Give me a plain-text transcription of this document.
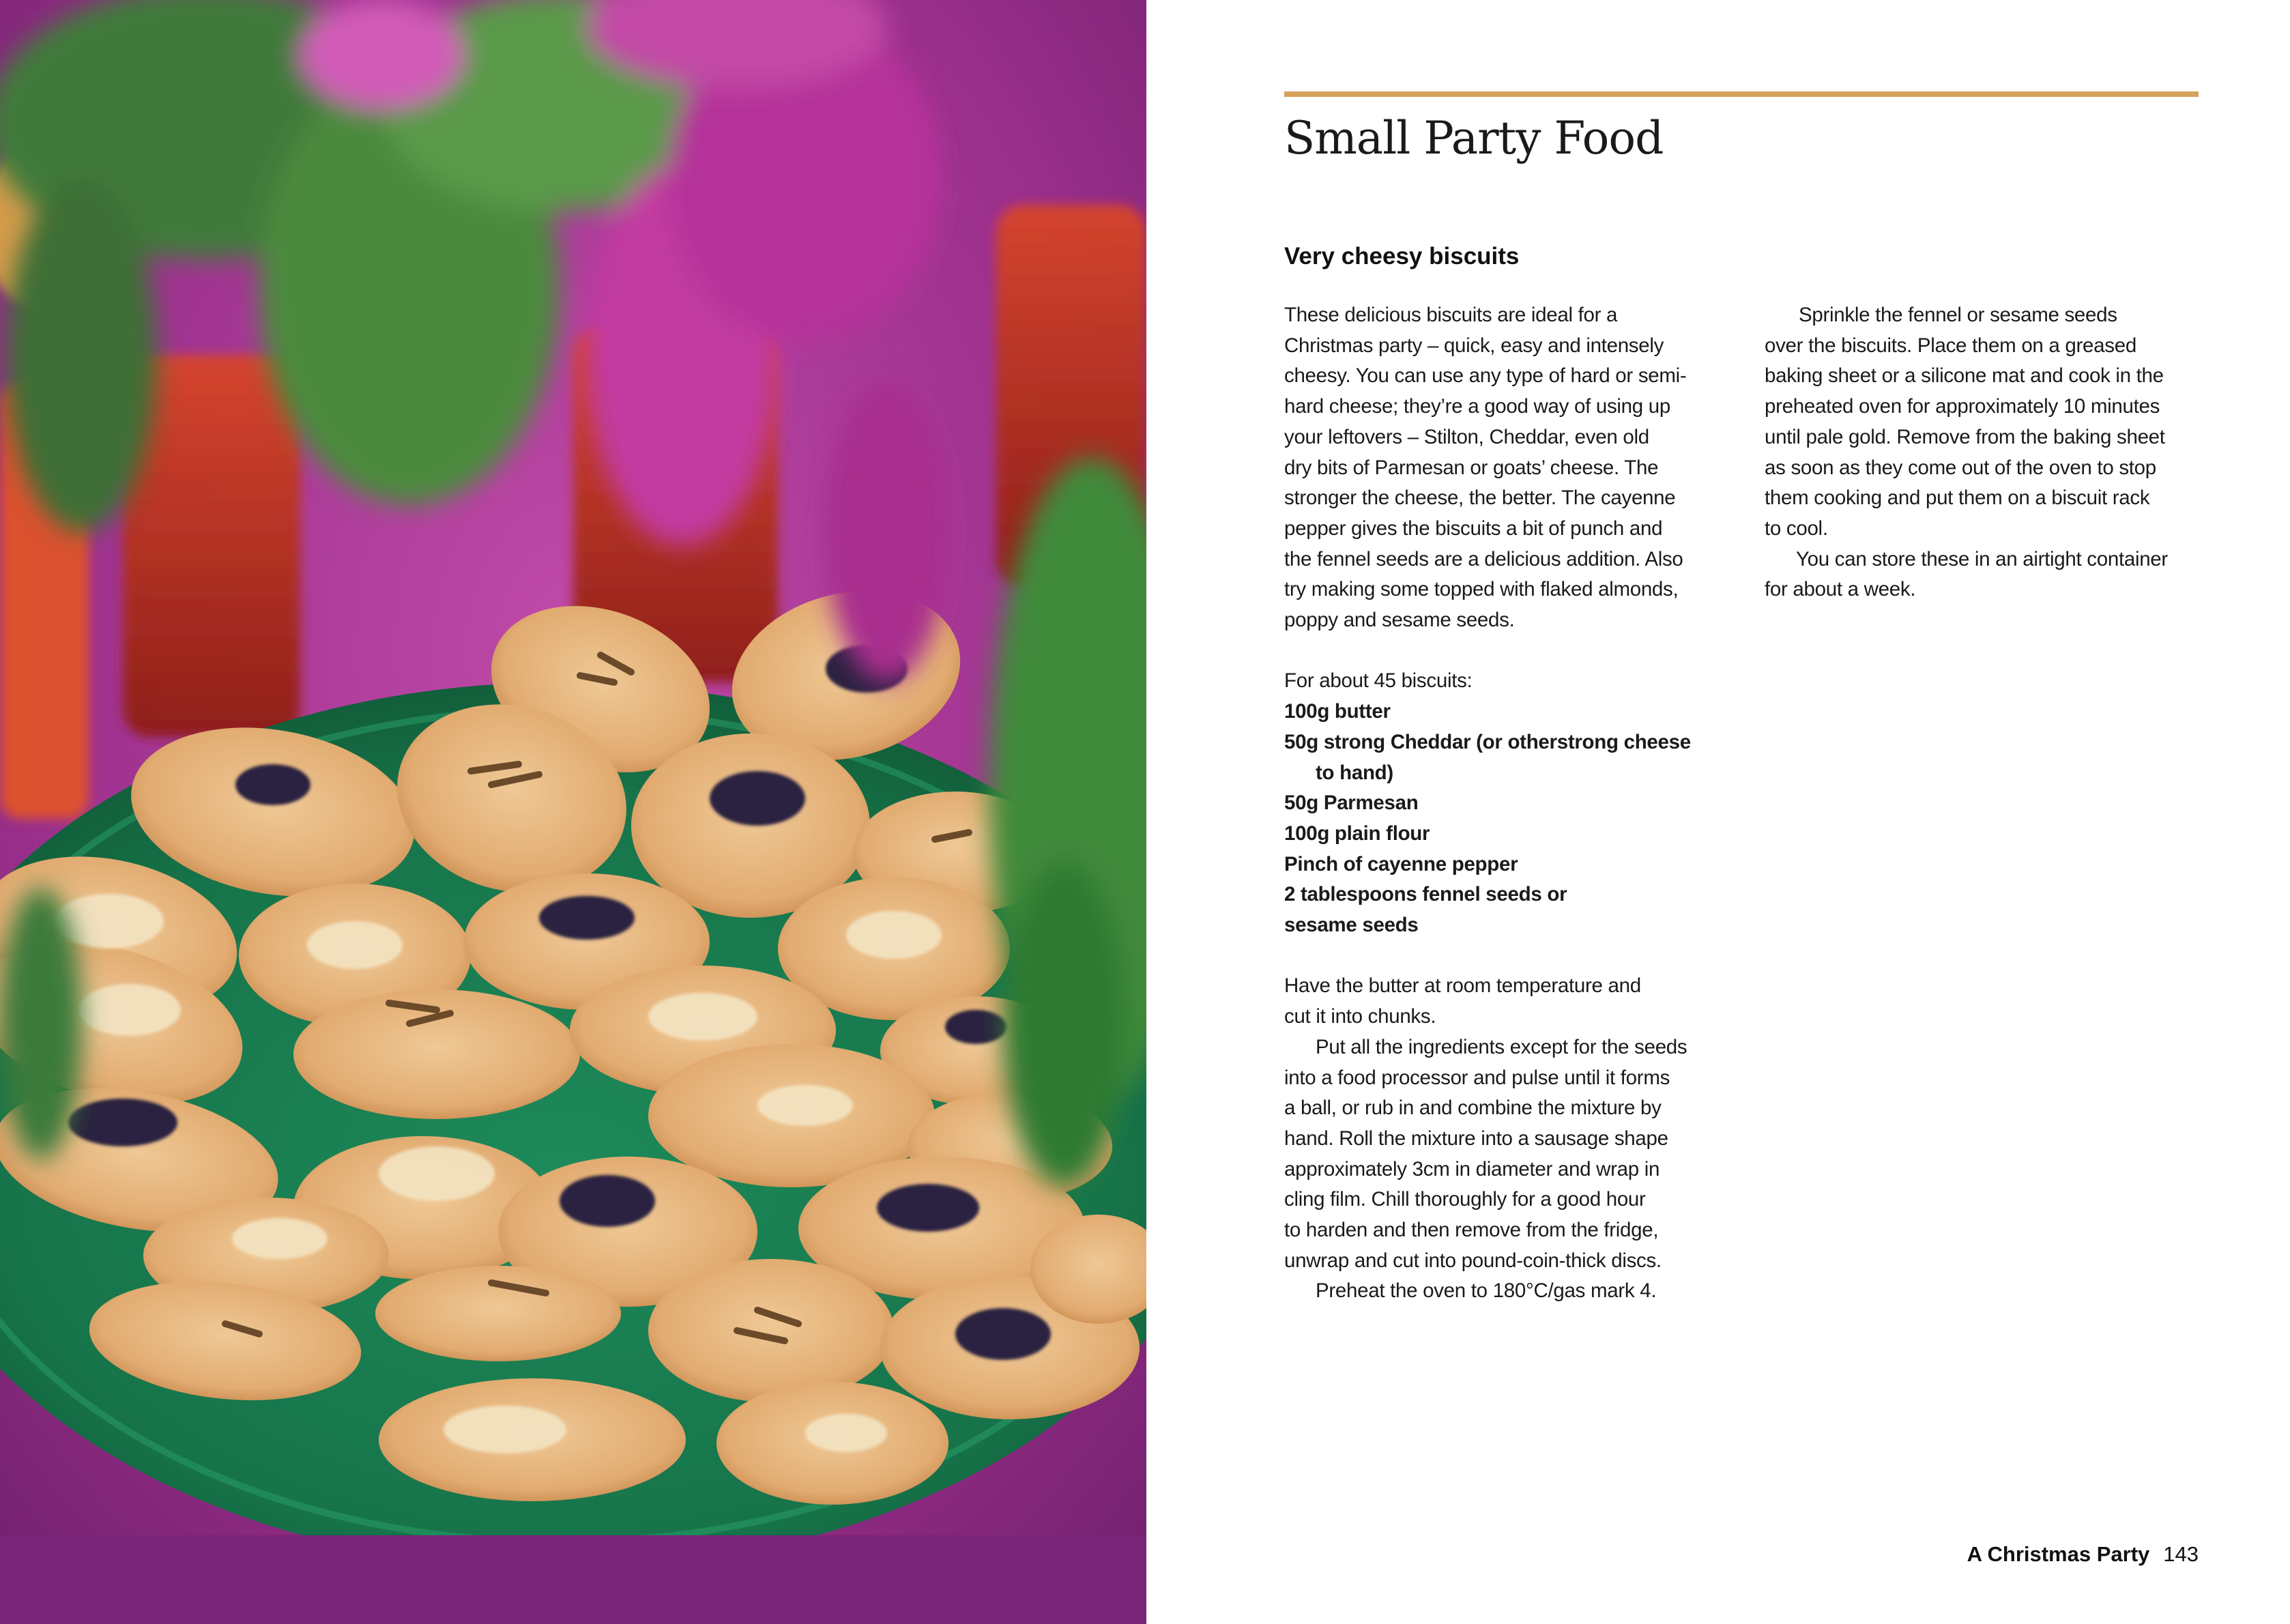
Small Party Food
Very cheesy biscuits

These delicious biscuits are ideal for a
Christmas party – quick, easy and intensely
cheesy. You can use any type of hard or semi-
hard cheese; they’re a good way of using up
your leftovers – Stilton, Cheddar, even old
dry bits of Parmesan or goats’ cheese. The
stronger the cheese, the better. The cayenne
pepper gives the biscuits a bit of punch and
the fennel seeds are a delicious addition. Also
try making some topped with flaked almonds,
poppy and sesame seeds.

For about 45 biscuits:

100g butter
50g strong Cheddar (or otherstrong cheese
to hand)
50g Parmesan
100g plain flour
Pinch of cayenne pepper
2 tablespoons fennel seeds or
sesame seeds

Have the butter at room temperature and
cut it into chunks.

Put all the ingredients except for the seeds
into a food processor and pulse until it forms
a ball, or rub in and combine the mixture by
hand. Roll the mixture into a sausage shape
approximately 3cm in diameter and wrap in
cling film. Chill thoroughly for a good hour
to harden and then remove from the fridge,
unwrap and cut into pound-coin-thick discs.

Preheat the oven to 180°C/gas mark 4.

Sprinkle the fennel or sesame seeds
over the biscuits. Place them on a greased
baking sheet or a silicone mat and cook in the
preheated oven for approximately 10 minutes
until pale gold. Remove from the baking sheet
as soon as they come out of the oven to stop
them cooking and put them on a biscuit rack
to cool.

You can store these in an airtight container
for about a week.

A Christmas Party 143
